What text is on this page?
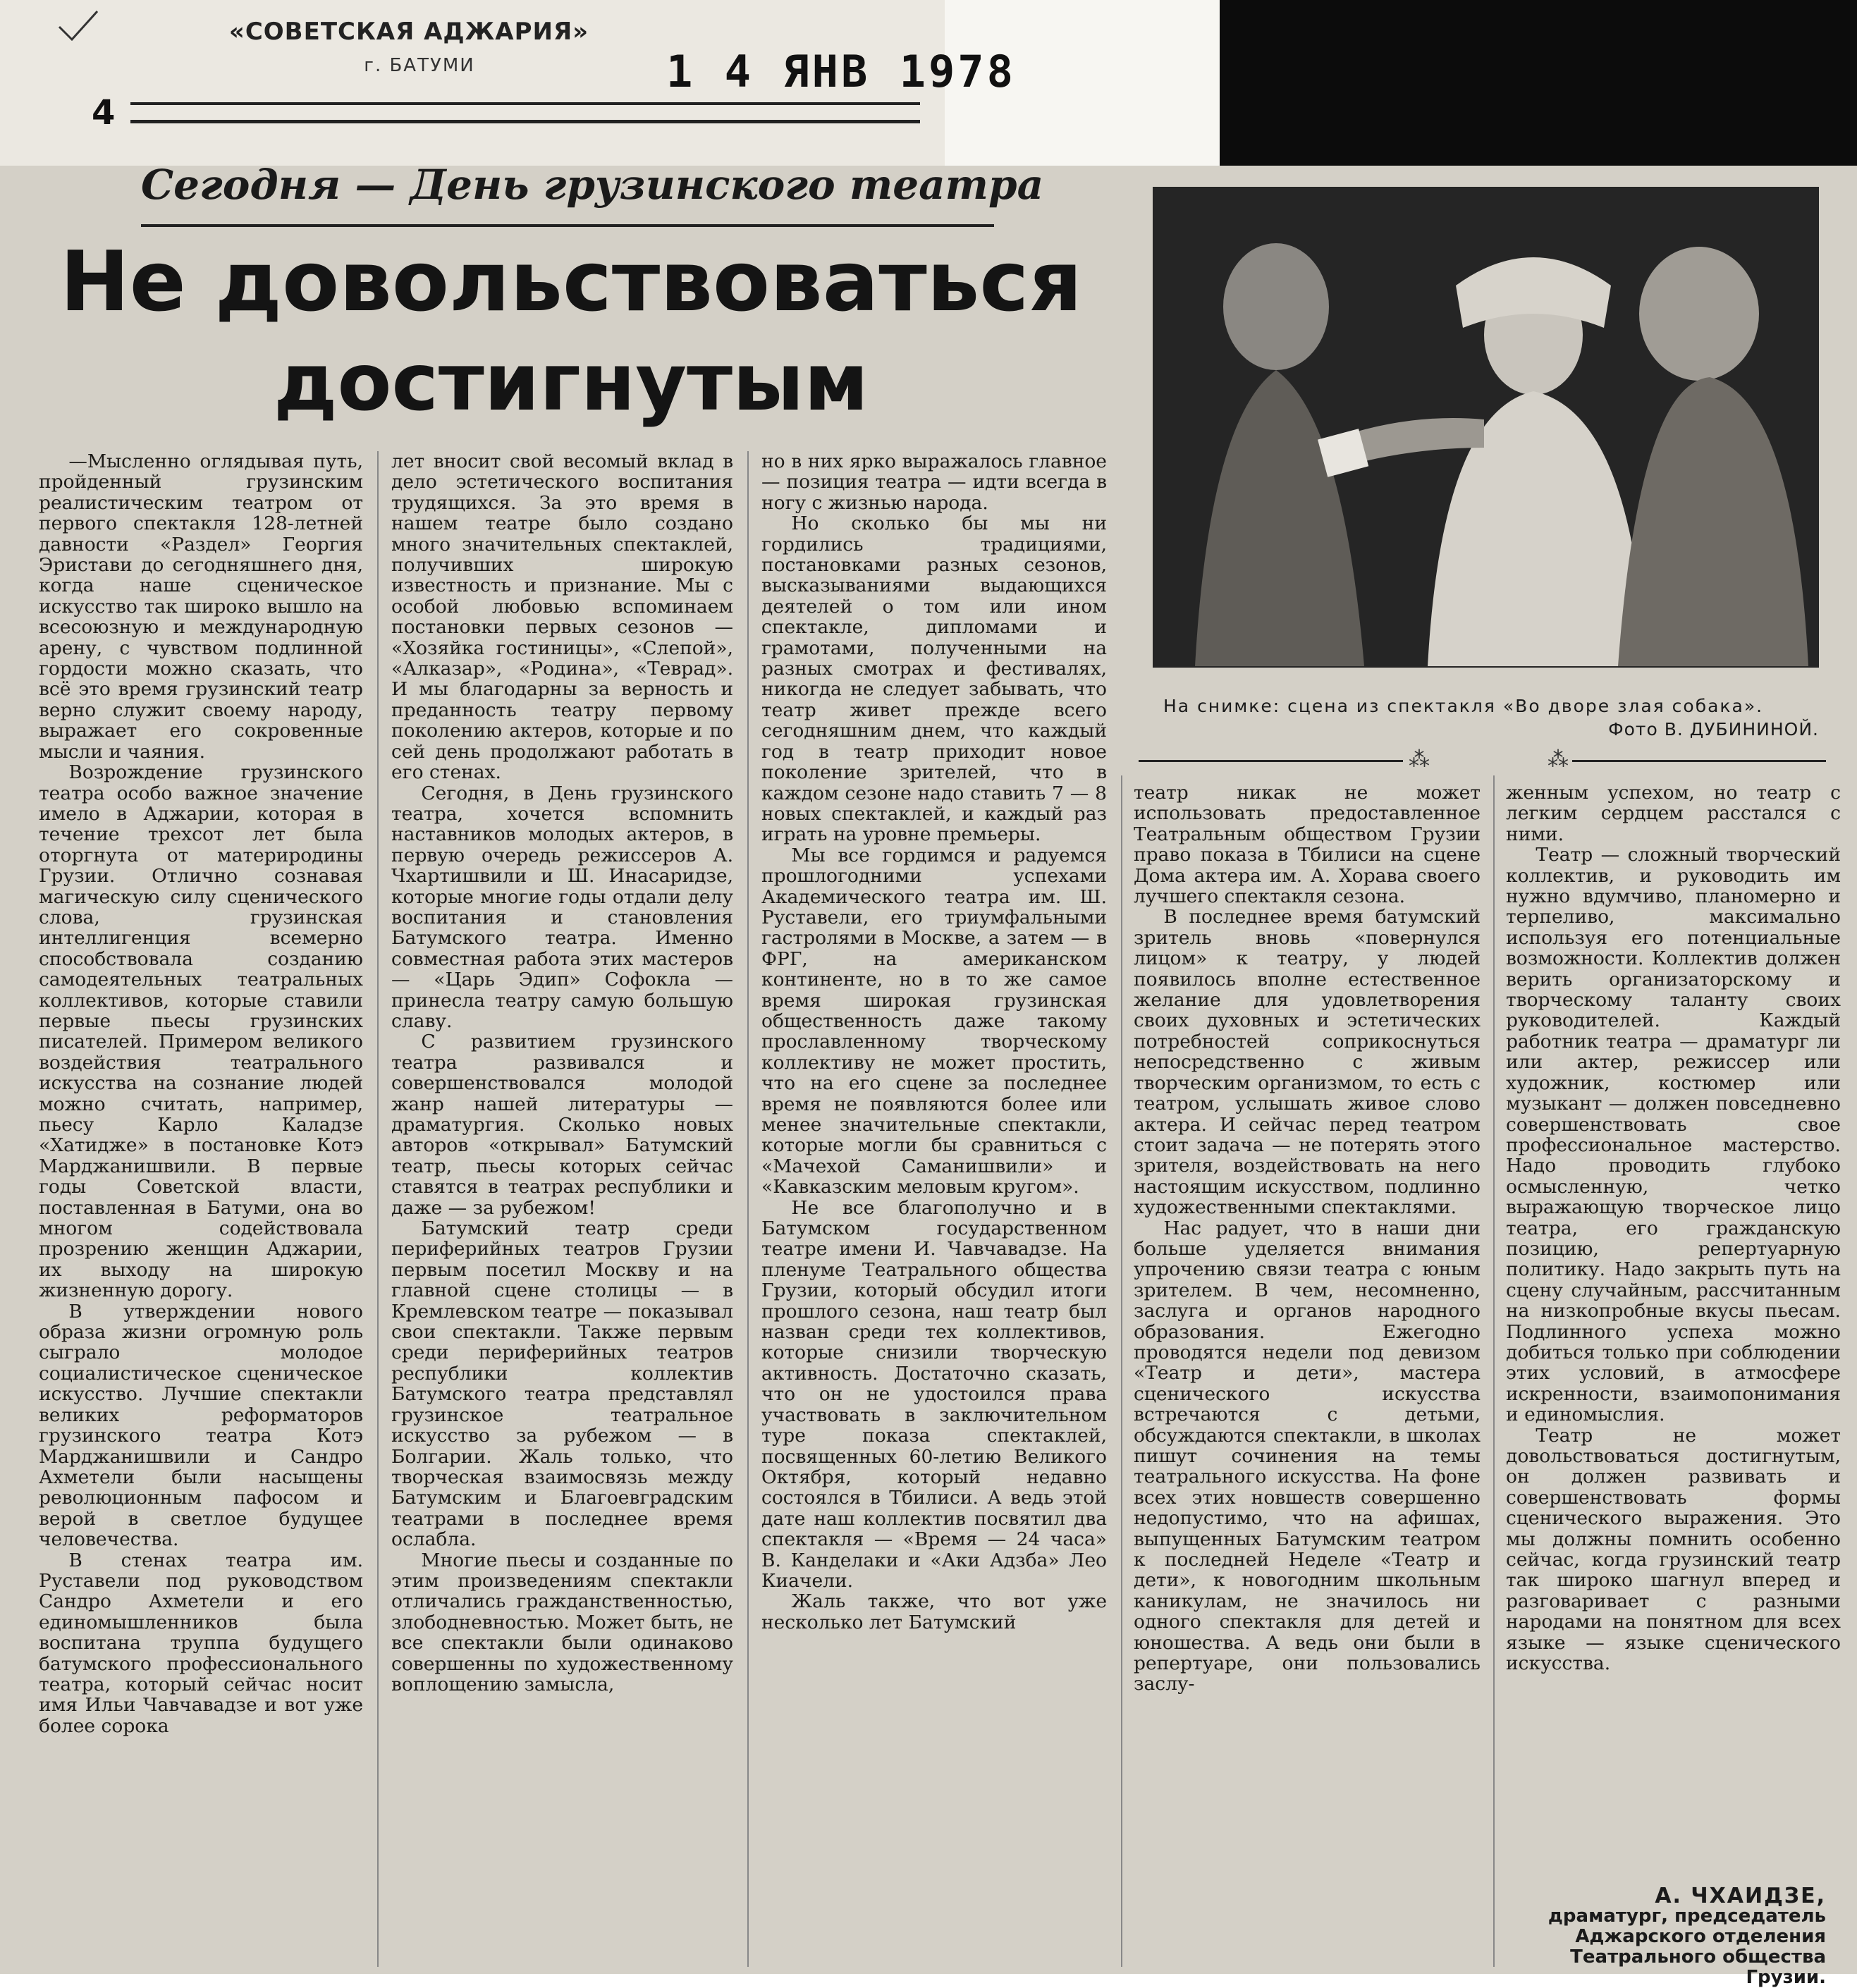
«СОВЕТСКАЯ АДЖАРИЯ»
г. БАТУМИ	1 4 ЯНВ 1978
4
Сегодня — День грузинского театра
Не довольствоваться
достигнутым
⁂	⁂
На снимке: сцена из спектакля «Во дворе злая собака».
Фото В. ДУБИНИНОЙ.

—Мысленно оглядывая путь, пройденный грузинским реалистическим театром от первого спектакля 128-летней давности «Раздел» Георгия Эристави до сегодняшнего дня, когда наше сценическое искусство так широко вышло на всесоюзную и международную арену, с чувством подлинной гордости можно сказать, что всё это время грузинский театр верно служит своему народу, выражает его сокровенные мысли и чаяния.

Возрождение грузинского театра особо важное значение имело в Аджарии, которая в течение трехсот лет была оторгнута от материродины Грузии. Отлично сознавая магическую силу сценического слова, грузинская интеллигенция всемерно способствовала созданию самодеятельных театральных коллективов, которые ставили первые пьесы грузинских писателей. Примером великого воздействия театрального искусства на сознание людей можно считать, например, пьесу Карло Каладзе «Хатидже» в постановке Котэ Марджанишвили. В первые годы Советской власти, поставленная в Батуми, она во многом содействовала прозрению женщин Аджарии, их выходу на широкую жизненную дорогу.

В утверждении нового образа жизни огромную роль сыграло молодое социалистическое сценическое искусство. Лучшие спектакли великих реформаторов грузинского театра Котэ Марджанишвили и Сандро Ахметели были насыщены революционным пафосом и верой в светлое будущее человечества.

В стенах театра им. Руставели под руководством Сандро Ахметели и его единомышленников была воспитана труппа будущего батумского профессионального театра, который сейчас носит имя Ильи Чавчавадзе и вот уже более сорока

лет вносит свой весомый вклад в дело эстетического воспитания трудящихся. За это время в нашем театре было создано много значительных спектаклей, получивших широкую известность и признание. Мы с особой любовью вспоминаем постановки первых сезонов — «Хозяйка гостиницы», «Слепой», «Алказар», «Родина», «Теврад». И мы благодарны за верность и преданность театру первому поколению актеров, которые и по сей день продолжают работать в его стенах.

Сегодня, в День грузинского театра, хочется вспомнить наставников молодых актеров, в первую очередь режиссеров А. Чхартишвили и Ш. Инасаридзе, которые многие годы отдали делу воспитания и становления Батумского театра. Именно совместная работа этих мастеров — «Царь Эдип» Софокла — принесла театру самую большую славу.

С развитием грузинского театра развивался и совершенствовался молодой жанр нашей литературы — драматургия. Сколько новых авторов «открывал» Батумский театр, пьесы которых сейчас ставятся в театрах республики и даже — за рубежом!

Батумский театр среди периферийных театров Грузии первым посетил Москву и на главной сцене столицы — в Кремлевском театре — показывал свои спектакли. Также первым среди периферийных театров республики коллектив Батумского театра представлял грузинское театральное искусство за рубежом — в Болгарии. Жаль только, что творческая взаимосвязь между Батумским и Благоевградским театрами в последнее время ослабла.

Многие пьесы и созданные по этим произведениям спектакли отличались гражданственностью, злободневностью. Может быть, не все спектакли были одинаково совершенны по художественному воплощению замысла,

но в них ярко выражалось главное — позиция театра — идти всегда в ногу с жизнью народа.

Но сколько бы мы ни гордились традициями, постановками разных сезонов, высказываниями выдающихся деятелей о том или ином спектакле, дипломами и грамотами, полученными на разных смотрах и фестивалях, никогда не следует забывать, что театр живет прежде всего сегодняшним днем, что каждый год в театр приходит новое поколение зрителей, что в каждом сезоне надо ставить 7 — 8 новых спектаклей, и каждый раз играть на уровне премьеры.

Мы все гордимся и радуемся прошлогодними успехами Академического театра им. Ш. Руставели, его триумфальными гастролями в Москве, а затем — в ФРГ, на американском континенте, но в то же самое время широкая грузинская общественность даже такому прославленному творческому коллективу не может простить, что на его сцене за последнее время не появляются более или менее значительные спектакли, которые могли бы сравниться с «Мачехой Саманишвили» и «Кавказским меловым кругом».

Не все благополучно и в Батумском государственном театре имени И. Чавчавадзе. На пленуме Театрального общества Грузии, который обсудил итоги прошлого сезона, наш театр был назван среди тех коллективов, которые снизили творческую активность. Достаточно сказать, что он не удостоился права участвовать в заключительном туре показа спектаклей, посвященных 60-летию Великого Октября, который недавно состоялся в Тбилиси. А ведь этой дате наш коллектив посвятил два спектакля — «Время — 24 часа» В. Канделаки и «Аки Адзба» Лео Киачели.

Жаль также, что вот уже несколько лет Батумский

театр никак не может использовать предоставленное Театральным обществом Грузии право показа в Тбилиси на сцене Дома актера им. А. Хорава своего лучшего спектакля сезона.

В последнее время батумский зритель вновь «повернулся лицом» к театру, у людей появилось вполне естественное желание для удовлетворения своих духовных и эстетических потребностей соприкоснуться непосредственно с живым творческим организмом, то есть с театром, услышать живое слово актера. И сейчас перед театром стоит задача — не потерять этого зрителя, воздействовать на него настоящим искусством, подлинно художественными спектаклями.

Нас радует, что в наши дни больше уделяется внимания упрочению связи театра с юным зрителем. В чем, несомненно, заслуга и органов народного образования. Ежегодно проводятся недели под девизом «Театр и дети», мастера сценического искусства встречаются с детьми, обсуждаются спектакли, в школах пишут сочинения на темы театрального искусства. На фоне всех этих новшеств совершенно недопустимо, что на афишах, выпущенных Батумским театром к последней Неделе «Театр и дети», к новогодним школьным каникулам, не значилось ни одного спектакля для детей и юношества. А ведь они были в репертуаре, они пользовались заслу-

женным успехом, но театр с легким сердцем расстался с ними.

Театр — сложный творческий коллектив, и руководить им нужно вдумчиво, планомерно и терпеливо, максимально используя его потенциальные возможности. Коллектив должен верить организаторскому и творческому таланту своих руководителей. Каждый работник театра — драматург ли или актер, режиссер или художник, костюмер или музыкант — должен повседневно совершенствовать свое профессиональное мастерство. Надо проводить глубоко осмысленную, четко выражающую творческое лицо театра, его гражданскую позицию, репертуарную политику. Надо закрыть путь на сцену случайным, рассчитанным на низкопробные вкусы пьесам. Подлинного успеха можно добиться только при соблюдении этих условий, в атмосфере искренности, взаимопонимания и единомыслия.

Театр не может довольствоваться достигнутым, он должен развивать и совершенствовать формы сценического выражения. Это мы должны помнить особенно сейчас, когда грузинский театр так широко шагнул вперед и разговаривает с разными народами на понятном для всех языке — языке сценического искусства.

А. ЧХАИДЗЕ,
драматург, председатель Аджарского отделения Театрального общества Грузии.
